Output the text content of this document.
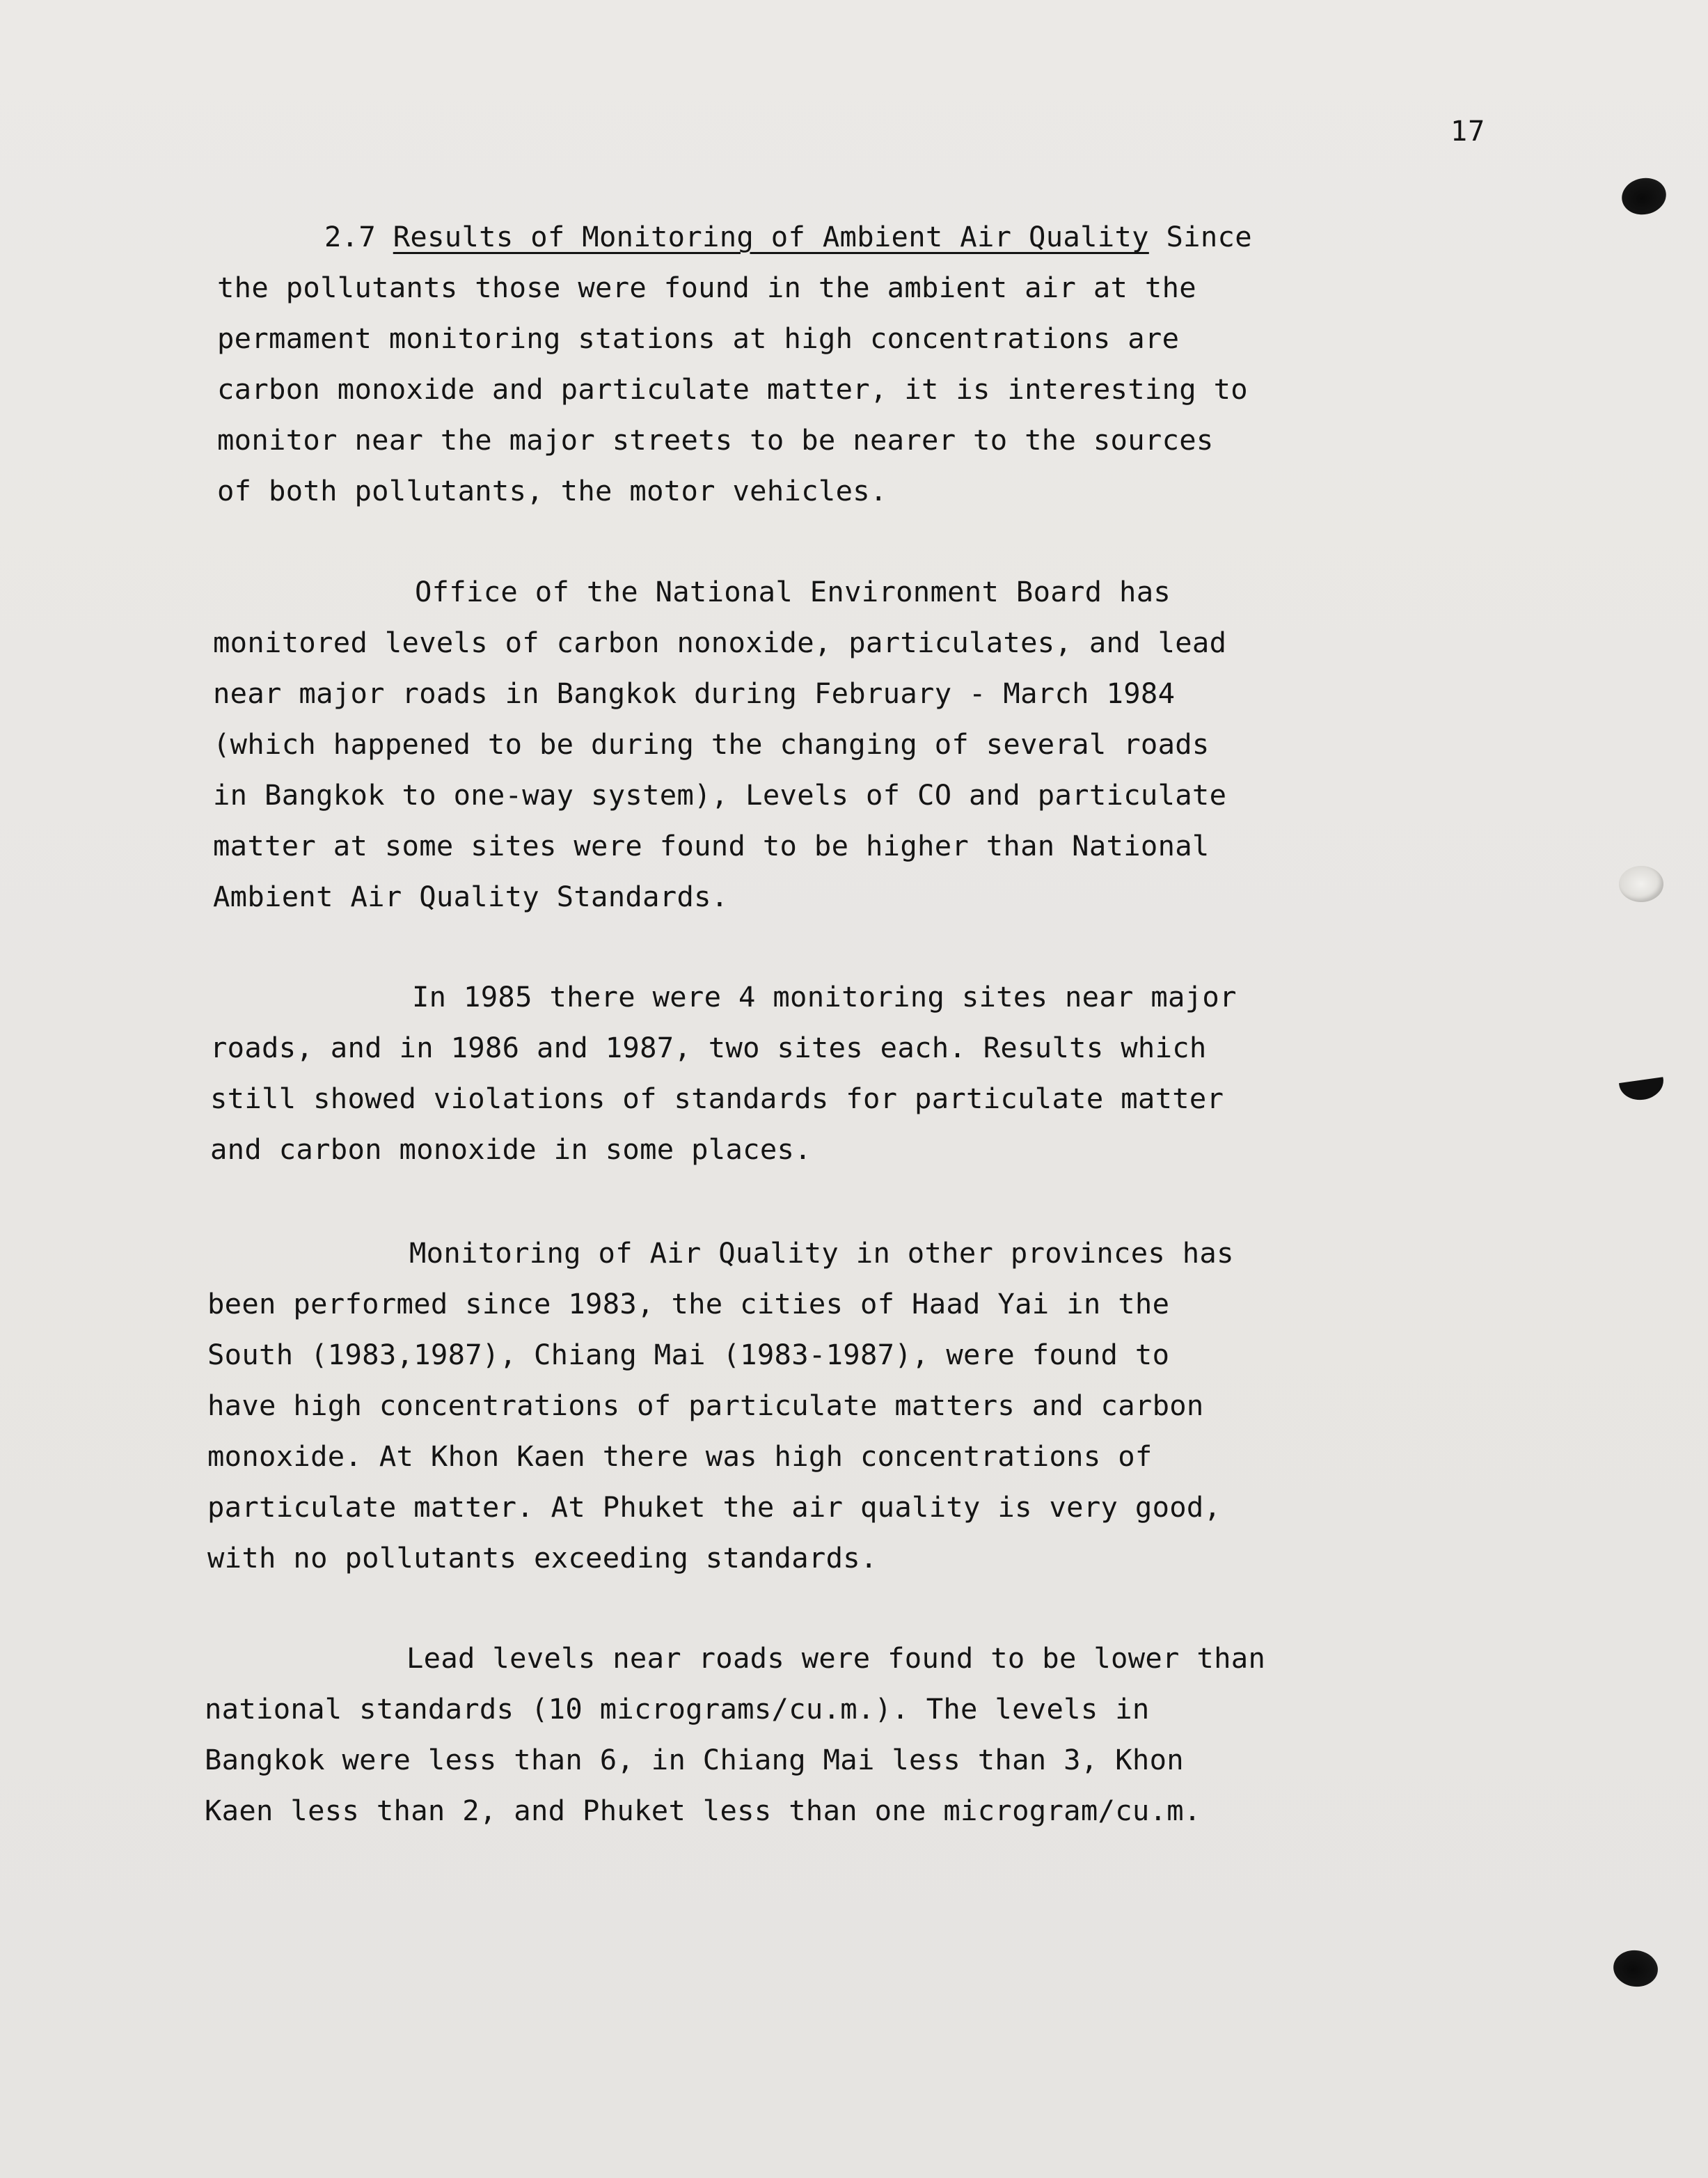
17
2.7 Results of Monitoring of Ambient Air Quality Since
the pollutants those were found in the ambient air at the
permament monitoring stations at high concentrations are
carbon monoxide and particulate matter, it is interesting to
monitor near the major streets to be nearer to the sources
of both pollutants, the motor vehicles.
Office of the National Environment Board has
monitored levels of carbon nonoxide, particulates, and lead
near major roads in Bangkok during February - March 1984
(which happened to be during the changing of several roads
in Bangkok to one-way system), Levels of CO and particulate
matter at some sites were found to be higher than National
Ambient Air Quality Standards.
In 1985 there were 4 monitoring sites near major
roads, and in 1986 and 1987, two sites each. Results which
still showed violations of standards for particulate matter
and carbon monoxide in some places.
Monitoring of Air Quality in other provinces has
been performed since 1983, the cities of Haad Yai in the
South (1983,1987), Chiang Mai (1983-1987), were found to
have high concentrations of particulate matters and carbon
monoxide. At Khon Kaen there was high concentrations of
particulate matter. At Phuket the air quality is very good,
with no pollutants exceeding standards.
Lead levels near roads were found to be lower than
national standards (10 micrograms/cu.m.). The levels in
Bangkok were less than 6, in Chiang Mai less than 3, Khon
Kaen less than 2, and Phuket less than one microgram/cu.m.
